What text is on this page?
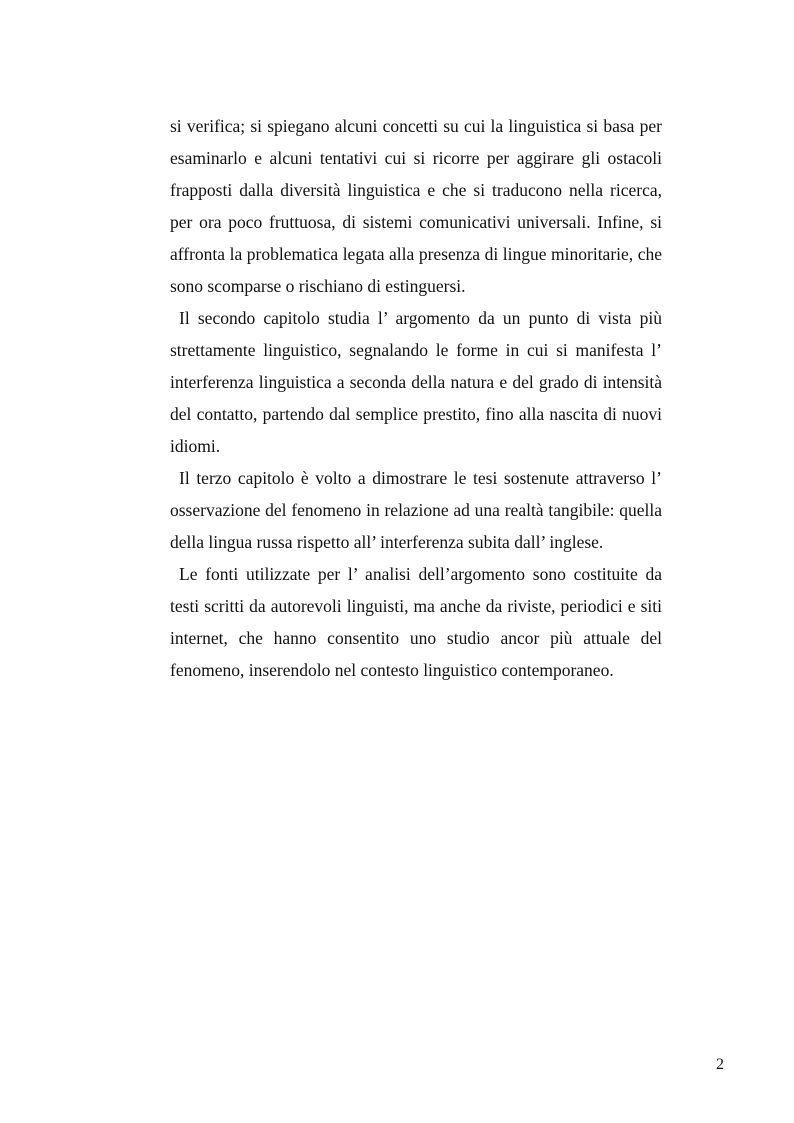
si verifica; si spiegano alcuni concetti su cui la linguistica si basa per esaminarlo e alcuni tentativi cui si ricorre per aggirare gli ostacoli frapposti dalla diversità linguistica e che si traducono nella ricerca, per ora poco fruttuosa, di sistemi comunicativi universali. Infine, si affronta la problematica legata alla presenza di lingue minoritarie, che sono scomparse o rischiano di estinguersi.

Il secondo capitolo studia l’ argomento da un punto di vista più strettamente linguistico, segnalando le forme in cui si manifesta l’ interferenza linguistica a seconda della natura e del grado di intensità del contatto, partendo dal semplice prestito, fino alla nascita di nuovi idiomi.

Il terzo capitolo è volto a dimostrare le tesi sostenute attraverso l’ osservazione del fenomeno in relazione ad una realtà tangibile: quella della lingua russa rispetto all’ interferenza subita dall’ inglese.

Le fonti utilizzate per l’ analisi dell’argomento sono costituite da testi scritti da autorevoli linguisti, ma anche da riviste, periodici e siti internet, che hanno consentito uno studio ancor più attuale del fenomeno, inserendolo nel contesto linguistico contemporaneo.

2
